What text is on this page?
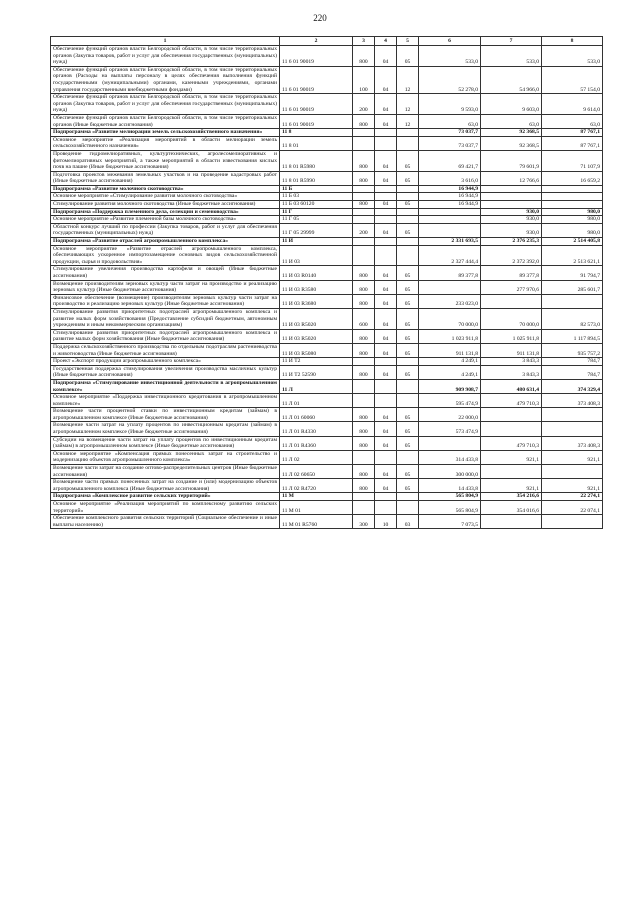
220
1	2	3	4	5	6	7	8
Обеспечение функций органов власти Белгородской области, в том числе территориальных органов (Закупка товаров, работ и услуг для обеспечения государственных (муниципальных) нужд)	11 6 01 90019	800	04	05	533,0	533,0	533,0
Обеспечение функций органов власти Белгородской области, в том числе территориальных органов (Расходы на выплаты персоналу в целях обеспечения выполнения функций государственными (муниципальными) органами, казенными учреждениями, органами управления государственными внебюджетными фондами)	11 6 01 90019	100	04	12	52 278,0	54 966,0	57 154,0
Обеспечение функций органов власти Белгородской области, в том числе территориальных органов (Закупка товаров, работ и услуг для обеспечения государственных (муниципальных) нужд)	11 6 01 90019	200	04	12	9 593,0	9 603,0	9 614,0
Обеспечение функций органов власти Белгородской области, в том числе территориальных органов (Иные бюджетные ассигнования)	11 6 01 90019	800	04	12	63,0	63,0	63,0
Подпрограмма «Развитие мелиорации земель сельскохозяйственного назначения»	11 8				73 037,7	92 368,5	87 767,1
Основное мероприятие «Реализация мероприятий в области мелиорации земель сельскохозяйственного назначения»	11 8 01				73 037,7	92 368,5	87 767,1
Проведение гидромелиоративных, культуртехнических, агролесомелиоративных и фитомелиоративных мероприятий, а также мероприятий в области известкования кислых почв на пашне (Иные бюджетные ассигнования)	11 8 01 R5980	800	04	05	69 421,7	79 601,9	71 107,9
Подготовка проектов межевания земельных участков и на проведение кадастровых работ (Иные бюджетные ассигнования)	11 8 01 R5990	800	04	05	3 616,0	12 766,6	16 659,2
Подпрограмма «Развитие молочного скотоводства»	11 Б				16 944,9		
Основное мероприятие «Стимулирование развития молочного скотоводства»	11 Б 03				16 944,9		
Стимулирование развития молочного скотоводства (Иные бюджетные ассигнования)	11 Б 03 60120	800	04	05	16 944,9		
Подпрограмма «Поддержка племенного дела, селекции и семеноводства»	11 Г					930,0	980,0
Основное мероприятие «Развитие племенной базы молочного скотоводства»	11 Г 05					930,0	980,0
Областной конкурс лучший по профессии (Закупка товаров, работ и услуг для обеспечения государственных (муниципальных) нужд)	11 Г 05 29999	200	04	05		930,0	980,0
Подпрограмма «Развитие отраслей агропромышленного комплекса»	11 И				2 331 693,5	2 376 235,3	2 514 405,8
Основное мероприятие «Развитие отраслей агропромышленного комплекса, обеспечивающих ускоренное импортозамещение основных видов сельскохозяйственной продукции, сырья и продовольствия»	11 И 03				2 327 444,4	2 372 392,0	2 513 621,1
Стимулирование увеличения производства картофеля и овощей (Иные бюджетные ассигнования)	11 И 03 R0140	800	04	05	89 377,8	89 377,8	91 794,7
Возмещение производителям зерновых культур части затрат на производство и реализацию зерновых культур (Иные бюджетные ассигнования)	11 И 03 R3580	800	04	05		277 970,6	285 601,7
Финансовое обеспечение (возмещение) производителям зерновых культур части затрат на производство и реализацию зерновых культур (Иные бюджетные ассигнования)	11 И 03 R3680	800	04	05	233 023,0		
Стимулирование развития приоритетных подотраслей агропромышленного комплекса и развитие малых форм хозяйствования (Предоставление субсидий бюджетным, автономным учреждениям и иным некоммерческим организациям)	11 И 03 R5020	600	04	05	70 000,0	70 000,0	82 573,0
Стимулирование развития приоритетных подотраслей агропромышленного комплекса и развитие малых форм хозяйствования (Иные бюджетные ассигнования)	11 И 03 R5020	800	04	05	1 023 911,8	1 025 911,8	1 117 894,5
Поддержка сельскохозяйственного производства по отдельным подотраслям растениеводства и животноводства (Иные бюджетные ассигнования)	11 И 03 R5080	800	04	05	911 131,8	911 131,8	935 757,2
Проект «Экспорт продукции агропромышленного комплекса»	11 И Т2				4 249,1	3 843,3	784,7
Государственная поддержка стимулирования увеличения производства масличных культур (Иные бюджетные ассигнования)	11 И Т2 52590	800	04	05	4 249,1	3 843,3	784,7
Подпрограмма «Стимулирование инвестиционной деятельности в агропромышленном комплексе»	11 Л				909 908,7	480 631,4	374 329,4
Основное мероприятие «Поддержка инвестиционного кредитования в агропромышленном комплексе»	11 Л 01				595 474,9	479 710,3	373 408,3
Возмещение части процентной ставки по инвестиционным кредитам (займам) в агропромышленном комплексе (Иные бюджетные ассигнования)	11 Л 01 60060	800	04	05	22 000,0		
Возмещение части затрат на уплату процентов по инвестиционным кредитам (займам) в агропромышленном комплексе (Иные бюджетные ассигнования)	11 Л 01 R4330	800	04	05	573 474,9		
Субсидии на возмещение части затрат на уплату процентов по инвестиционным кредитам (займам) в агропромышленном комплексе (Иные бюджетные ассигнования)	11 Л 01 R4360	800	04	05		479 710,3	373 408,3
Основное мероприятие «Компенсация прямых понесенных затрат на строительство и модернизацию объектов агропромышленного комплекса»	11 Л 02				314 433,8	921,1	921,1
Возмещение части затрат на создание оптово-распределительных центров (Иные бюджетные ассигнования)	11 Л 02 60650	800	04	05	300 000,0		
Возмещение части прямых понесенных затрат на создание и (или) модернизацию объектов агропромышленного комплекса (Иные бюджетные ассигнования)	11 Л 02 R4720	800	04	05	14 433,8	921,1	921,1
Подпрограмма «Комплексное развитие сельских территорий»	11 М				565 804,9	354 216,6	22 274,1
Основное мероприятие «Реализация мероприятий по комплексному развитию сельских территорий»	11 М 01				565 804,9	354 016,6	22 074,1
Обеспечение комплексного развития сельских территорий (Социальное обеспечение и иные выплаты населению)	11 М 01 R5760	300	10	03	7 073,5		
